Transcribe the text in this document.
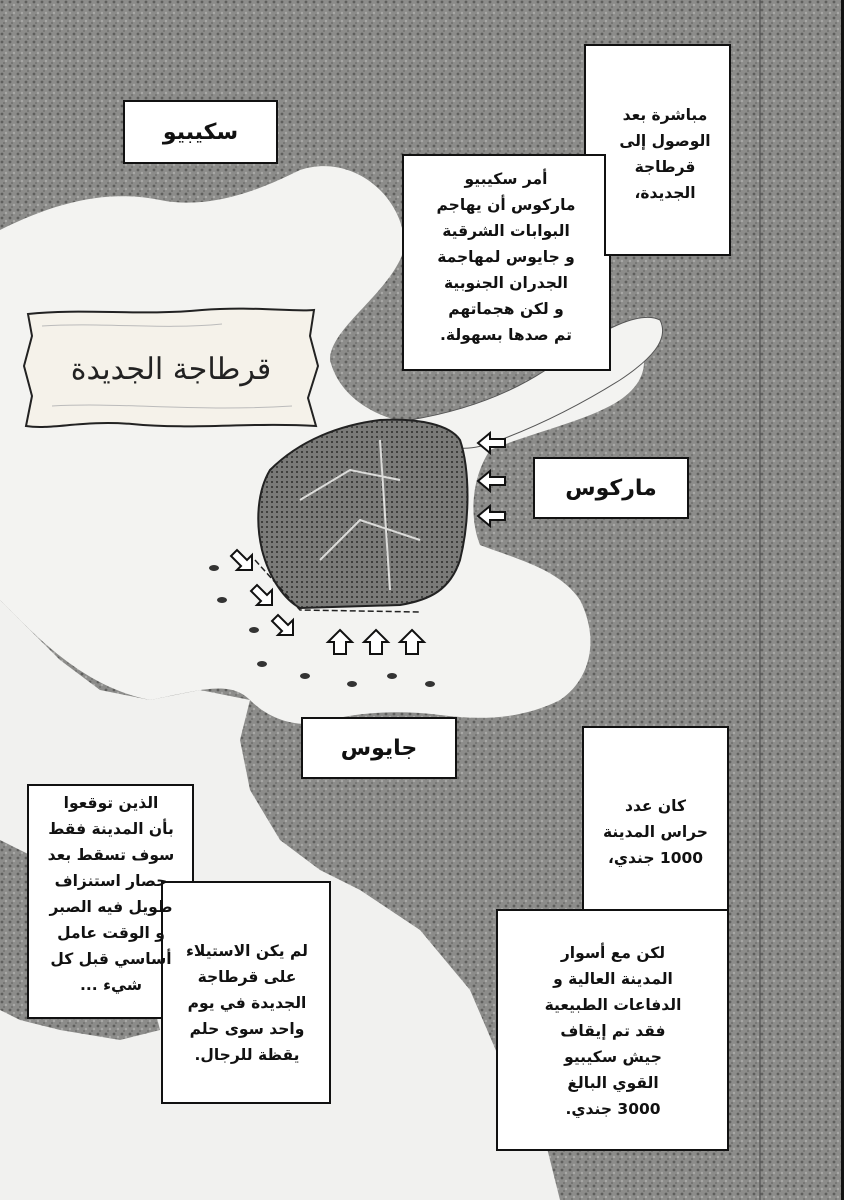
قرطاجة الجديدة
سكيبيو
ماركوس
جايوس
مباشرة بعد
الوصول إلى
قرطاجة
الجديدة،
أمر سكيبيو
ماركوس أن يهاجم
البوابات الشرقية
و جايوس لمهاجمة
الجدران الجنوبية
و لكن هجماتهم
تم صدها بسهولة.
كان عدد
حراس المدينة
1000 جندي،
لكن مع أسوار
المدينة العالية و
الدفاعات الطبيعية
فقد تم إيقاف
جيش سكيبيو
القوي البالغ
3000 جندي.
الذين توقعوا
بأن المدينة فقط
سوف تسقط بعد
حصار استنزاف
طويل فيه الصبر
و الوقت عامل
أساسي قبل كل
شيء ...
لم يكن الاستيلاء
على قرطاجة
الجديدة في يوم
واحد سوى حلم
يقظة للرجال.
